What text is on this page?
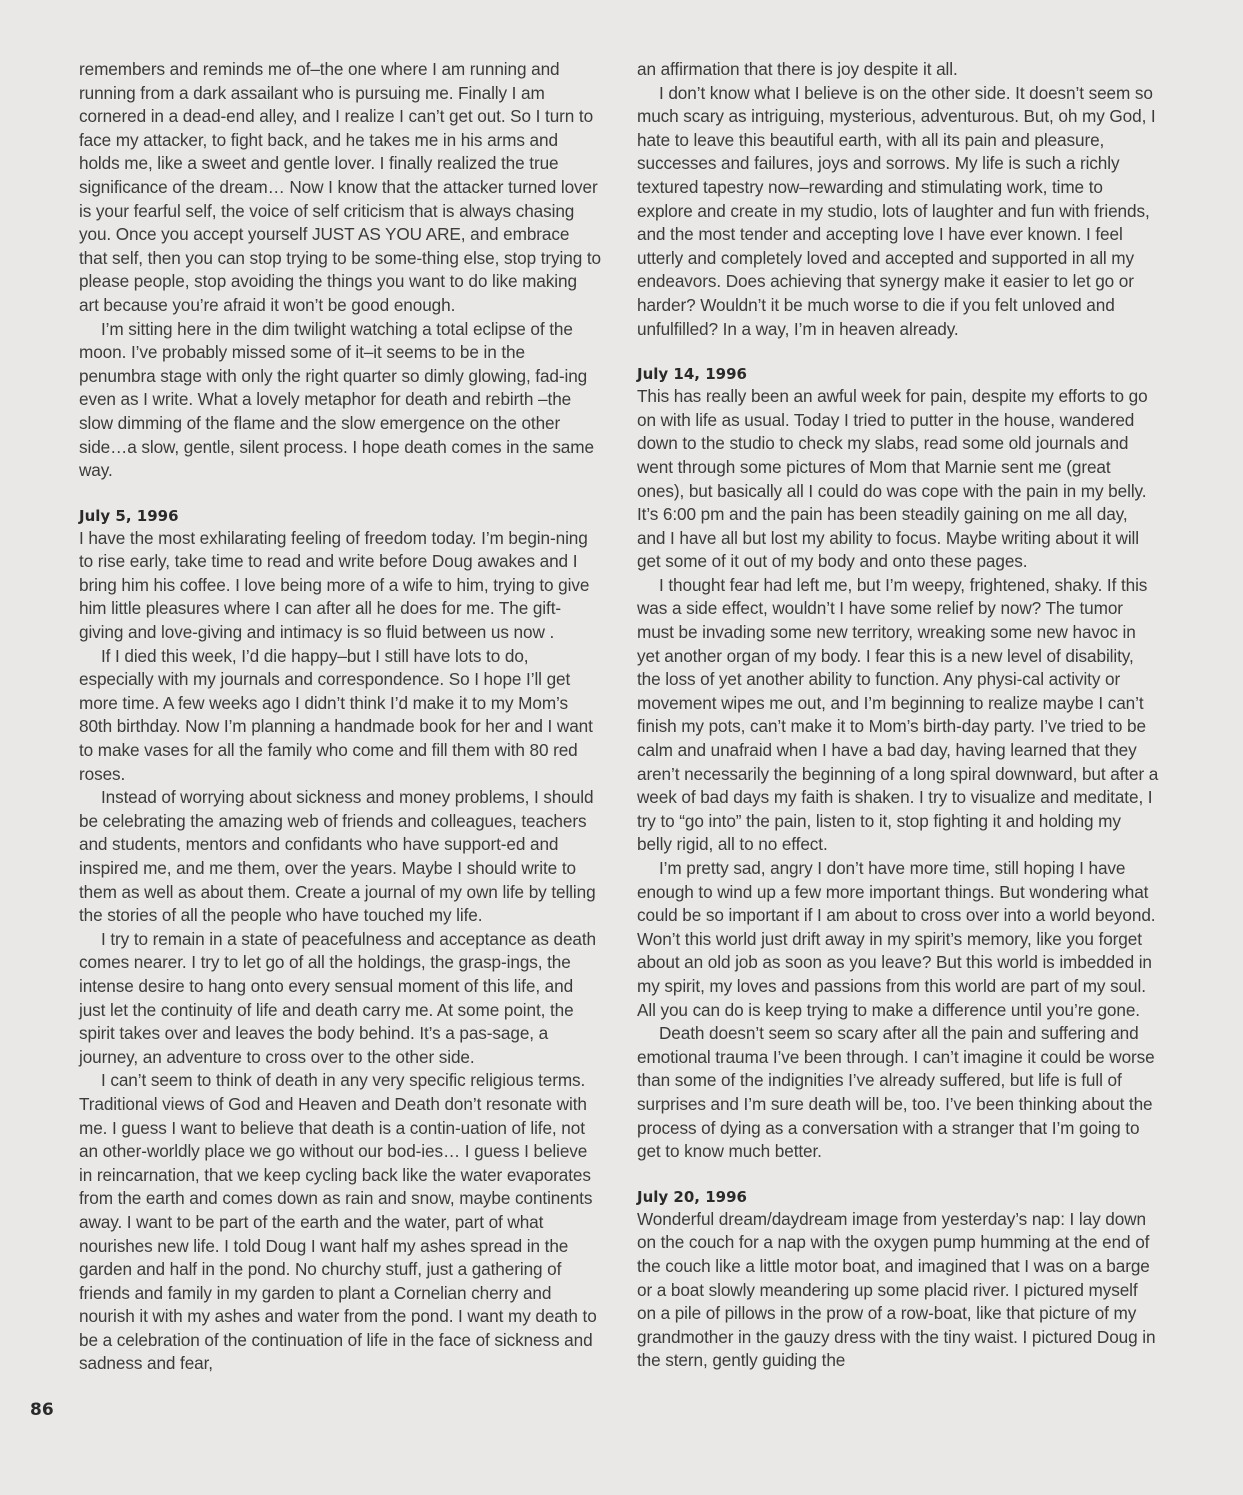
remembers and reminds me of–the one where I am running and running from a dark assailant who is pursuing me. Finally I am cornered in a dead-end alley, and I realize I can’t get out. So I turn to face my attacker, to fight back, and he takes me in his arms and holds me, like a sweet and gentle lover. I finally realized the true significance of the dream… Now I know that the attacker turned lover is your fearful self, the voice of self criticism that is always chasing you. Once you accept yourself JUST AS YOU ARE, and embrace that self, then you can stop trying to be some-thing else, stop trying to please people, stop avoiding the things you want to do like making art because you’re afraid it won’t be good enough.

I’m sitting here in the dim twilight watching a total eclipse of the moon. I’ve probably missed some of it–it seems to be in the penumbra stage with only the right quarter so dimly glowing, fad-ing even as I write. What a lovely metaphor for death and rebirth –the slow dimming of the flame and the slow emergence on the other side…a slow, gentle, silent process. I hope death comes in the same way.

July 5, 1996

I have the most exhilarating feeling of freedom today. I’m begin-ning to rise early, take time to read and write before Doug awakes and I bring him his coffee. I love being more of a wife to him, trying to give him little pleasures where I can after all he does for me. The gift-giving and love-giving and intimacy is so fluid between us now .

If I died this week, I’d die happy–but I still have lots to do, especially with my journals and correspondence. So I hope I’ll get more time. A few weeks ago I didn’t think I’d make it to my Mom’s 80th birthday. Now I’m planning a handmade book for her and I want to make vases for all the family who come and fill them with 80 red roses.

Instead of worrying about sickness and money problems, I should be celebrating the amazing web of friends and colleagues, teachers and students, mentors and confidants who have support-ed and inspired me, and me them, over the years. Maybe I should write to them as well as about them. Create a journal of my own life by telling the stories of all the people who have touched my life.

I try to remain in a state of peacefulness and acceptance as death comes nearer. I try to let go of all the holdings, the grasp-ings, the intense desire to hang onto every sensual moment of this life, and just let the continuity of life and death carry me. At some point, the spirit takes over and leaves the body behind. It’s a pas-sage, a journey, an adventure to cross over to the other side.

I can’t seem to think of death in any very specific religious terms. Traditional views of God and Heaven and Death don’t resonate with me. I guess I want to believe that death is a contin-uation of life, not an other-worldly place we go without our bod-ies… I guess I believe in reincarnation, that we keep cycling back like the water evaporates from the earth and comes down as rain and snow, maybe continents away. I want to be part of the earth and the water, part of what nourishes new life. I told Doug I want half my ashes spread in the garden and half in the pond. No churchy stuff, just a gathering of friends and family in my garden to plant a Cornelian cherry and nourish it with my ashes and water from the pond. I want my death to be a celebration of the continuation of life in the face of sickness and sadness and fear,

an affirmation that there is joy despite it all.

I don’t know what I believe is on the other side. It doesn’t seem so much scary as intriguing, mysterious, adventurous. But, oh my God, I hate to leave this beautiful earth, with all its pain and pleasure, successes and failures, joys and sorrows. My life is such a richly textured tapestry now–rewarding and stimulating work, time to explore and create in my studio, lots of laughter and fun with friends, and the most tender and accepting love I have ever known. I feel utterly and completely loved and accepted and supported in all my endeavors. Does achieving that synergy make it easier to let go or harder? Wouldn’t it be much worse to die if you felt unloved and unfulfilled? In a way, I’m in heaven already.

July 14, 1996

This has really been an awful week for pain, despite my efforts to go on with life as usual. Today I tried to putter in the house, wandered down to the studio to check my slabs, read some old journals and went through some pictures of Mom that Marnie sent me (great ones), but basically all I could do was cope with the pain in my belly. It’s 6:00 pm and the pain has been steadily gaining on me all day, and I have all but lost my ability to focus. Maybe writing about it will get some of it out of my body and onto these pages.

I thought fear had left me, but I’m weepy, frightened, shaky. If this was a side effect, wouldn’t I have some relief by now? The tumor must be invading some new territory, wreaking some new havoc in yet another organ of my body. I fear this is a new level of disability, the loss of yet another ability to function. Any physi-cal activity or movement wipes me out, and I’m beginning to realize maybe I can’t finish my pots, can’t make it to Mom’s birth-day party. I’ve tried to be calm and unafraid when I have a bad day, having learned that they aren’t necessarily the beginning of a long spiral downward, but after a week of bad days my faith is shaken. I try to visualize and meditate, I try to “go into” the pain, listen to it, stop fighting it and holding my belly rigid, all to no effect.

I’m pretty sad, angry I don’t have more time, still hoping I have enough to wind up a few more important things. But wondering what could be so important if I am about to cross over into a world beyond. Won’t this world just drift away in my spirit’s memory, like you forget about an old job as soon as you leave? But this world is imbedded in my spirit, my loves and passions from this world are part of my soul. All you can do is keep trying to make a difference until you’re gone.

Death doesn’t seem so scary after all the pain and suffering and emotional trauma I’ve been through. I can’t imagine it could be worse than some of the indignities I’ve already suffered, but life is full of surprises and I’m sure death will be, too. I’ve been thinking about the process of dying as a conversation with a stranger that I’m going to get to know much better.

July 20, 1996

Wonderful dream/daydream image from yesterday’s nap: I lay down on the couch for a nap with the oxygen pump humming at the end of the couch like a little motor boat, and imagined that I was on a barge or a boat slowly meandering up some placid river. I pictured myself on a pile of pillows in the prow of a row-boat, like that picture of my grandmother in the gauzy dress with the tiny waist. I pictured Doug in the stern, gently guiding the

86
